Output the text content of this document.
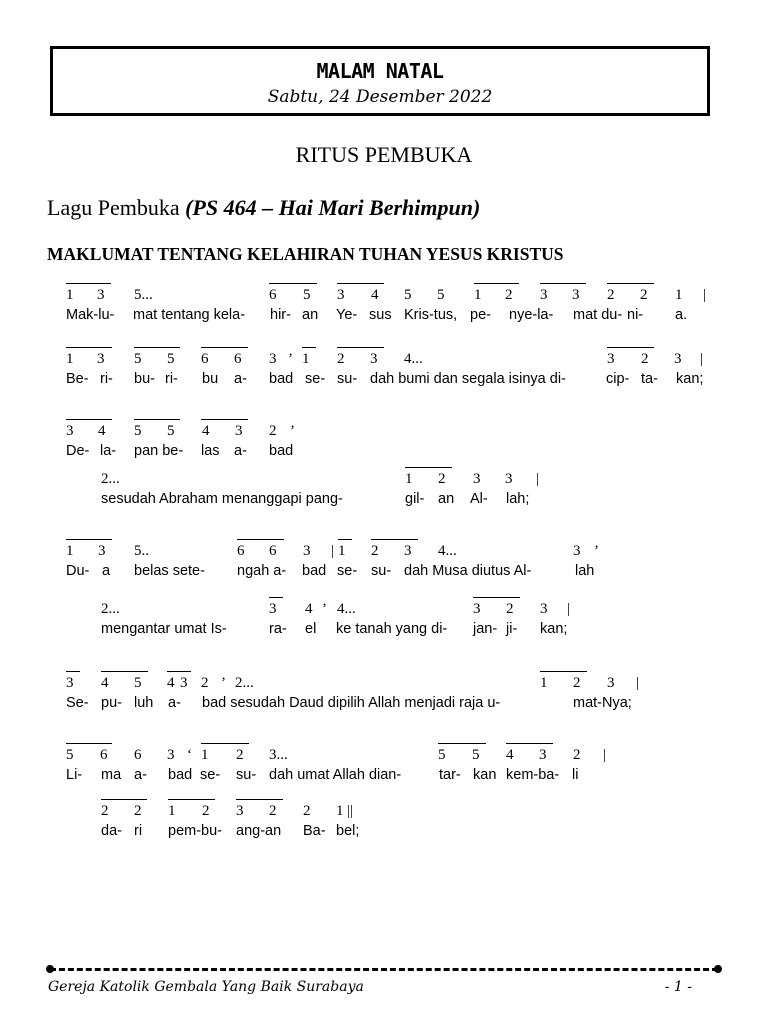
MALAM NATAL
Sabtu, 24 Desember 2022
RITUS PEMBUKA
Lagu Pembuka (PS 464 – Hai Mari Berhimpun)
MAKLUMAT TENTANG KELAHIRAN TUHAN YESUS KRISTUS
1 3 5...	6 5 3 4 5 5 1 2 3 3 2 2 1 |
Mak-lu- mat tentang kela- hir- an Ye- sus Kris-tus, pe- nye-la- mat du- ni- a.
1 3 5 5 6 6 3 ’ 1 2 3 4...	3 2 3 |
Be- ri- bu- ri- bu a- bad se- su- dah bumi dan segala isinya di-	cip- ta- kan;
3 4 5 5 4 3 2 ’
De- la- pan be- las a- bad
2...	1 2 3 3 |
sesudah Abraham menanggapi pang-	gil- an Al- lah;
1 3 5..	6 6 3 | 1 2 3 4...	3 ’
Du- a belas sete- ngah a- bad se- su- dah Musa diutus Al-	lah
2...	3 4 ’ 4...	3 2 3 |
mengantar umat Is-	ra- el ke tanah yang di- jan- ji- kan;
3 4 5 4 3 2 ’ 2...	1 2 3 |
Se- pu- luh a- bad sesudah Daud dipilih Allah menjadi raja u-	mat-Nya;
5 6 6 3 ‘ 1 2 3...	5 5 4 3 2 |
Li- ma a- bad se- su- dah umat Allah dian-	tar- kan kem-ba- li
2 2 1 2 3 2 2 1 ||
da- ri pem-bu- ang-an Ba- bel;
Gereja Katolik Gembala Yang Baik Surabaya	- 1 -
